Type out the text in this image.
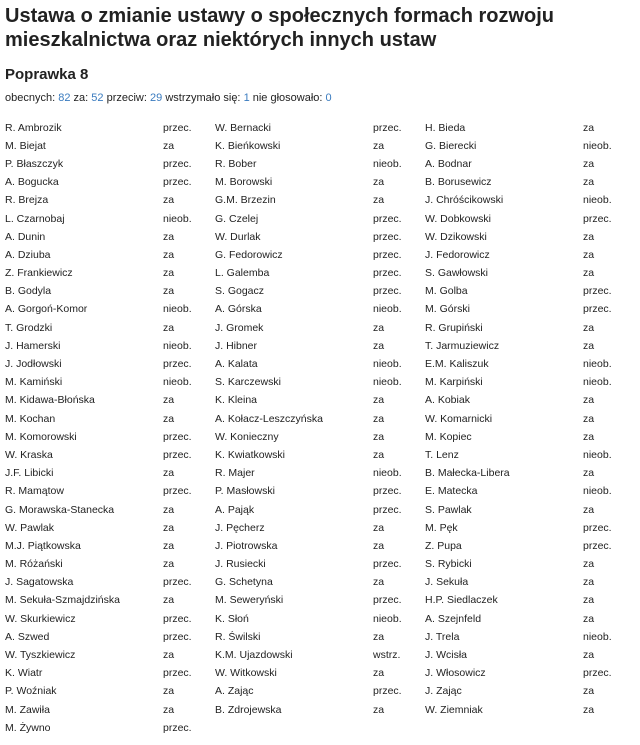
Ustawa o zmianie ustawy o społecznych formach rozwoju mieszkalnictwa oraz niektórych innych ustaw
Poprawka 8
obecnych: 82 za: 52 przeciw: 29 wstrzymało się: 1 nie głosowało: 0
R. Ambrozik	przec.
M. Biejat	za
P. Błaszczyk	przec.
A. Bogucka	przec.
R. Brejza	za
L. Czarnobaj	nieob.
A. Dunin	za
A. Dziuba	za
Z. Frankiewicz	za
B. Godyla	za
A. Gorgoń-Komor	nieob.
T. Grodzki	za
J. Hamerski	nieob.
J. Jodłowski	przec.
M. Kamiński	nieob.
M. Kidawa-Błońska	za
M. Kochan	za
M. Komorowski	przec.
W. Kraska	przec.
J.F. Libicki	za
R. Mamątow	przec.
G. Morawska-Stanecka	za
W. Pawlak	za
M.J. Piątkowska	za
M. Różański	za
J. Sagatowska	przec.
M. Sekuła-Szmajdzińska	za
W. Skurkiewicz	przec.
A. Szwed	przec.
W. Tyszkiewicz	za
K. Wiatr	przec.
P. Woźniak	za
M. Zawiła	za
M. Żywno	przec.
W. Bernacki	przec.
K. Bieńkowski	za
R. Bober	nieob.
M. Borowski	za
G.M. Brzezin	za
G. Czelej	przec.
W. Durlak	przec.
G. Fedorowicz	przec.
L. Galemba	przec.
S. Gogacz	przec.
A. Górska	nieob.
J. Gromek	za
J. Hibner	za
A. Kalata	nieob.
S. Karczewski	nieob.
K. Kleina	za
A. Kołacz-Leszczyńska	za
W. Konieczny	za
K. Kwiatkowski	za
R. Majer	nieob.
P. Masłowski	przec.
A. Pająk	przec.
J. Pęcherz	za
J. Piotrowska	za
J. Rusiecki	przec.
G. Schetyna	za
M. Seweryński	przec.
K. Słoń	nieob.
R. Świlski	za
K.M. Ujazdowski	wstrz.
W. Witkowski	za
A. Zając	przec.
B. Zdrojewska	za
H. Bieda	za
G. Bierecki	nieob.
A. Bodnar	za
B. Borusewicz	za
J. Chróścikowski	nieob.
W. Dobkowski	przec.
W. Dzikowski	za
J. Fedorowicz	za
S. Gawłowski	za
M. Golba	przec.
M. Górski	przec.
R. Grupiński	za
T. Jarmuziewicz	za
E.M. Kaliszuk	nieob.
M. Karpiński	nieob.
A. Kobiak	za
W. Komarnicki	za
M. Kopiec	za
T. Lenz	nieob.
B. Małecka-Libera	za
E. Matecka	nieob.
S. Pawlak	za
M. Pęk	przec.
Z. Pupa	przec.
S. Rybicki	za
J. Sekuła	za
H.P. Siedlaczek	za
A. Szejnfeld	za
J. Trela	nieob.
J. Wcisła	za
J. Włosowicz	przec.
J. Zając	za
W. Ziemniak	za
